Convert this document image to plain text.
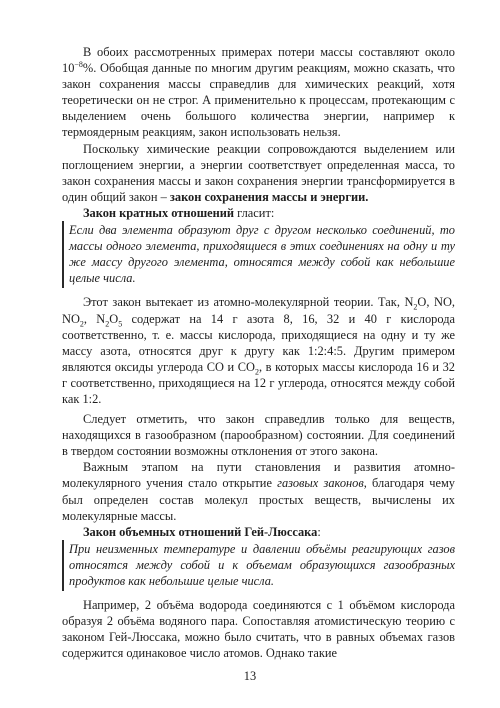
В обоих рассмотренных примерах потери массы составляют около $10^{-8}\%$. Обобщая данные по многим другим реакциям, можно сказать, что закон сохранения массы справедлив для химических реакций, хотя теоретически он не строг. А применительно к процессам, протекающим с выделением очень большого количества энергии, например к термоядерным реакциям, закон использовать нельзя.

Поскольку химические реакции сопровождаются выделением или поглощением энергии, а энергии соответствует определенная масса, то закон сохранения массы и закон сохранения энергии трансформируется в один общий закон – закон сохранения массы и энергии.

Закон кратных отношений гласит:

Если два элемента образуют друг с другом несколько соединений, то массы одного элемента, приходящиеся в этих соединениях на одну и ту же массу другого элемента, относятся между собой как небольшие целые числа.

Этот закон вытекает из атомно-молекулярной теории. Так, $N_2O$, NO, $NO_2$, $N_2O_5$ содержат на 14 г азота 8, 16, 32 и 40 г кислорода соответственно, т. е. массы кислорода, приходящиеся на одну и ту же массу азота, относятся друг к другу как 1:2:4:5. Другим примером являются оксиды углерода CO и $CO_2$, в которых массы кислорода 16 и 32 г соответственно, приходящиеся на 12 г углерода, относятся между собой как 1:2.

Следует отметить, что закон справедлив только для веществ, находящихся в газообразном (парообразном) состоянии. Для соединений в твердом состоянии возможны отклонения от этого закона.

Важным этапом на пути становления и развития атомно-молекулярного учения стало открытие газовых законов, благодаря чему был определен состав молекул простых веществ, вычислены их молекулярные массы.

Закон объемных отношений Гей-Люссака:

При неизменных температуре и давлении объёмы реагирующих газов относятся между собой и к объемам образующихся газообразных продуктов как небольшие целые числа.

Например, 2 объёма водорода соединяются с 1 объёмом кислорода образуя 2 объёма водяного пара. Сопоставляя атомистическую теорию с законом Гей-Люссака, можно было считать, что в равных объемах газов содержится одинаковое число атомов. Однако такие

13
